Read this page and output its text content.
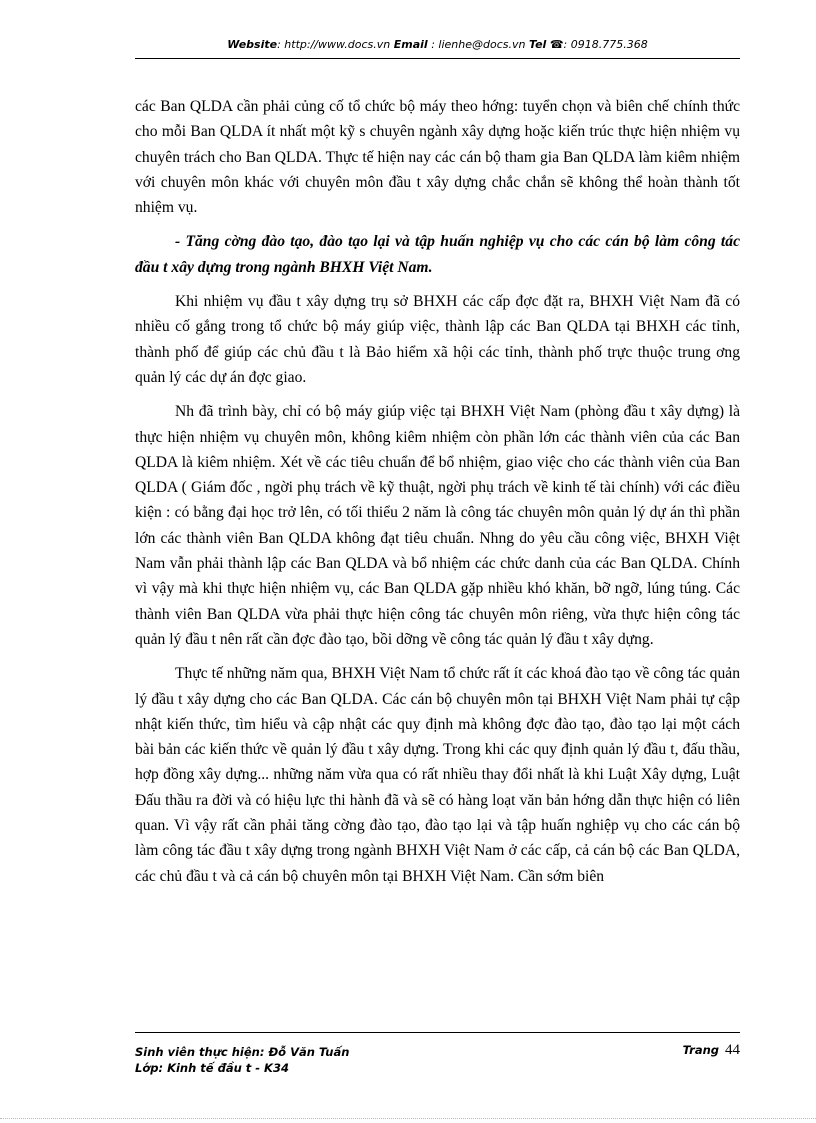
Website: http://www.docs.vn Email : lienhe@docs.vn Tel ☎: 0918.775.368

các Ban QLDA cần phải củng cố tổ chức bộ máy theo hớng: tuyển chọn và biên chế chính thức cho mỗi Ban QLDA ít nhất một kỹ s chuyên ngành xây dựng hoặc kiến trúc thực hiện nhiệm vụ chuyên trách cho Ban QLDA. Thực tế hiện nay các cán bộ tham gia Ban QLDA làm kiêm nhiệm với chuyên môn khác với chuyên môn đầu t xây dựng chắc chắn sẽ không thể hoàn thành tốt nhiệm vụ.

- Tăng cờng đào tạo, đào tạo lại và tập huấn nghiệp vụ cho các cán bộ làm công tác đầu t xây dựng trong ngành BHXH Việt Nam.

Khi nhiệm vụ đầu t xây dựng trụ sở BHXH các cấp đợc đặt ra, BHXH Việt Nam đã có nhiều cố gắng trong tổ chức bộ máy giúp việc, thành lập các Ban QLDA tại BHXH các tỉnh, thành phố để giúp các chủ đầu t là Bảo hiểm xã hội các tỉnh, thành phố trực thuộc trung ơng quản lý các dự án đợc giao.

Nh đã trình bày, chỉ có bộ máy giúp việc tại BHXH Việt Nam (phòng đầu t xây dựng) là thực hiện nhiệm vụ chuyên môn, không kiêm nhiệm còn phần lớn các thành viên của các Ban QLDA là kiêm nhiệm. Xét về các tiêu chuẩn để bổ nhiệm, giao việc cho các thành viên của Ban QLDA ( Giám đốc , ngời phụ trách về kỹ thuật, ngời phụ trách về kinh tế tài chính) với các điều kiện : có bằng đại học trở lên, có tối thiểu 2 năm là công tác chuyên môn quản lý dự án thì phần lớn các thành viên Ban QLDA không đạt tiêu chuẩn. Nhng do yêu cầu công việc, BHXH Việt Nam vẫn phải thành lập các Ban QLDA và bổ nhiệm các chức danh của các Ban QLDA. Chính vì vậy mà khi thực hiện nhiệm vụ, các Ban QLDA gặp nhiều khó khăn, bỡ ngỡ, lúng túng. Các thành viên Ban QLDA vừa phải thực hiện công tác chuyên môn riêng, vừa thực hiện công tác quản lý đầu t nên rất cần đợc đào tạo, bồi dỡng về công tác quản lý đầu t xây dựng.

Thực tế những năm qua, BHXH Việt Nam tổ chức rất ít các khoá đào tạo về công tác quản lý đầu t xây dựng cho các Ban QLDA. Các cán bộ chuyên môn tại BHXH Việt Nam phải tự cập nhật kiến thức, tìm hiểu và cập nhật các quy định mà không đợc đào tạo, đào tạo lại một cách bài bản các kiến thức về quản lý đầu t xây dựng. Trong khi các quy định quản lý đầu t, đấu thầu, hợp đồng xây dựng... những năm vừa qua có rất nhiều thay đổi nhất là khi Luật Xây dựng, Luật Đấu thầu ra đời và có hiệu lực thi hành đã và sẽ có hàng loạt văn bản hớng dẫn thực hiện có liên quan. Vì vậy rất cần phải tăng cờng đào tạo, đào tạo lại và tập huấn nghiệp vụ cho các cán bộ làm công tác đầu t xây dựng trong ngành BHXH Việt Nam ở các cấp, cả cán bộ các Ban QLDA, các chủ đầu t và cả cán bộ chuyên môn tại BHXH Việt Nam. Cần sớm biên

Sinh viên thực hiện: Đỗ Văn Tuấn
Lớp: Kinh tế đầu t - K34
Trang 44
